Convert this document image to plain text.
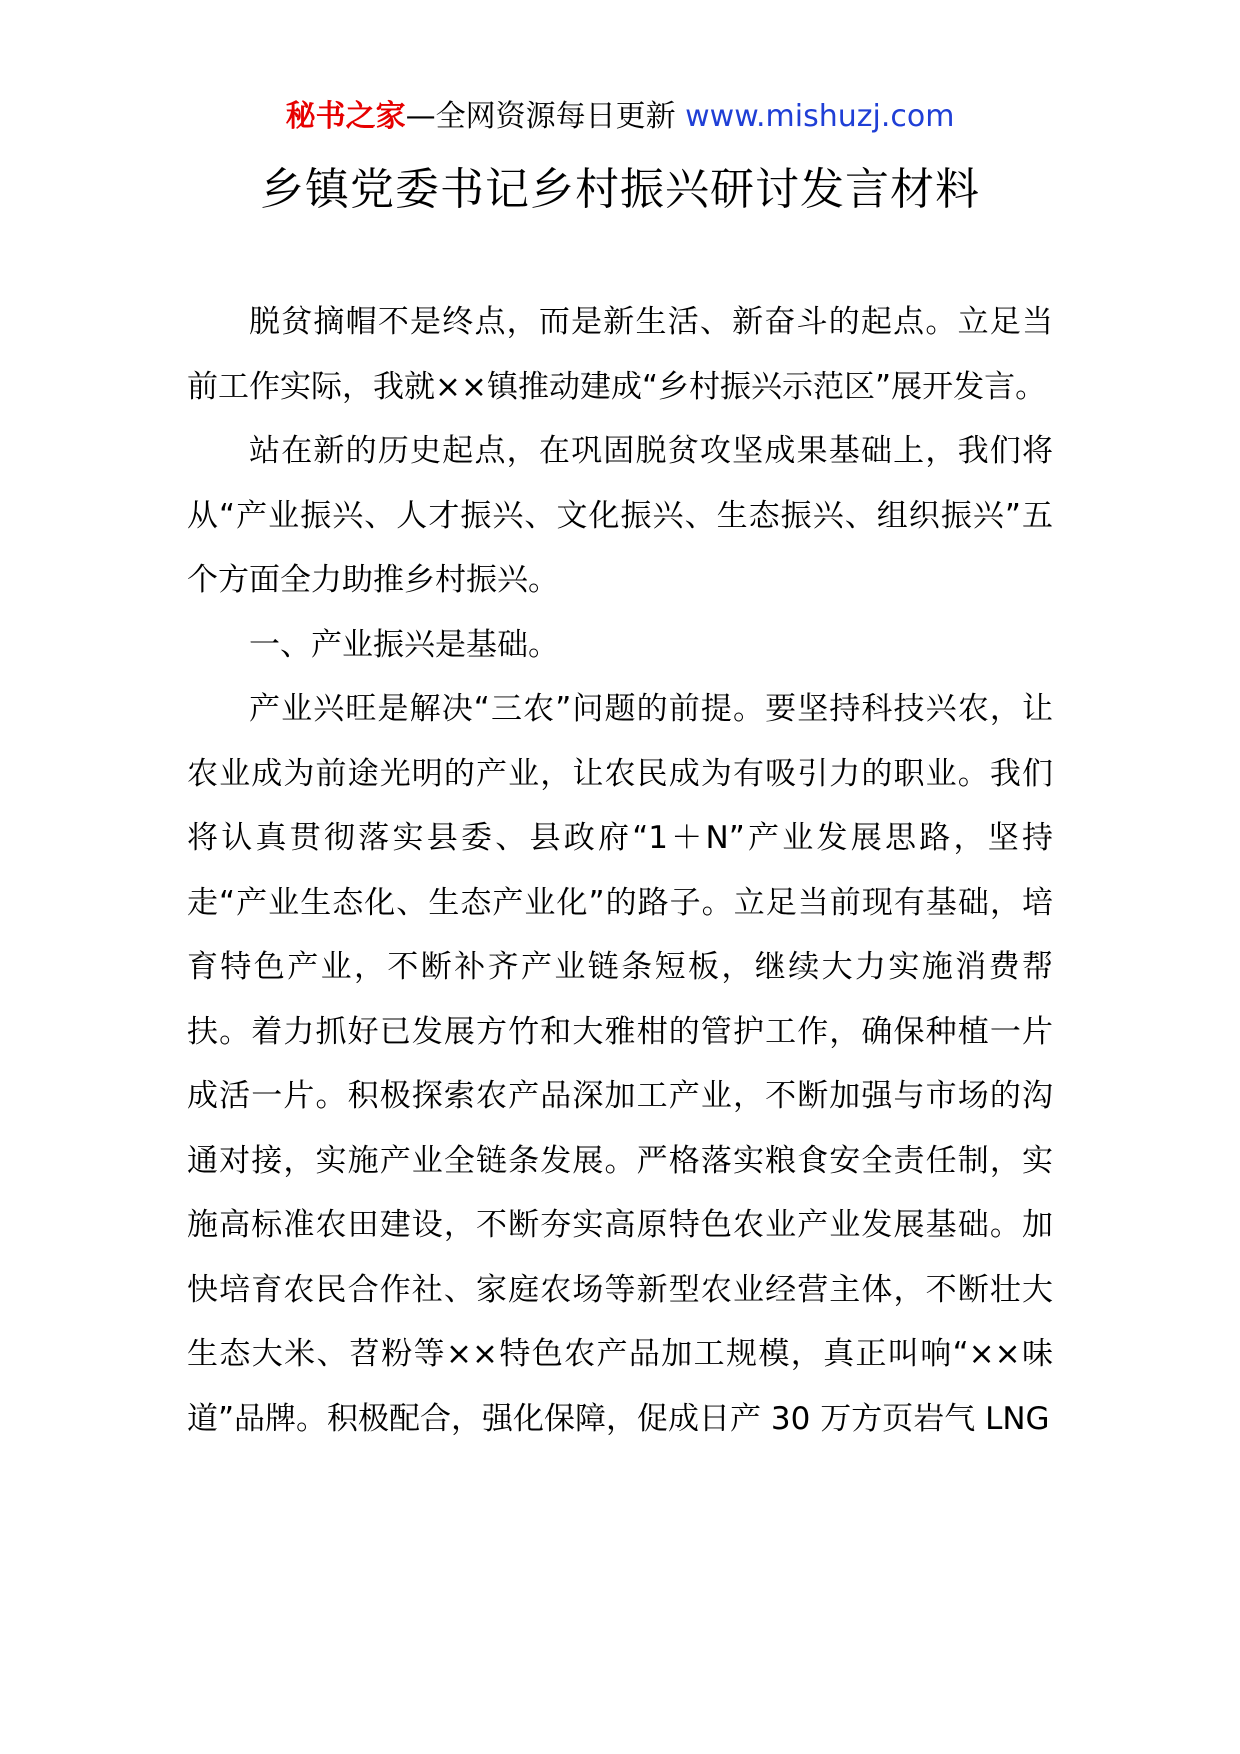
秘书之家—全网资源每日更新 www.mishuzj.com
乡镇党委书记乡村振兴研讨发言材料

脱贫摘帽不是终点，而是新生活、新奋斗的起点。立足当前工作实际，我就××镇推动建成“乡村振兴示范区”展开发言。

站在新的历史起点，在巩固脱贫攻坚成果基础上，我们将从“产业振兴、人才振兴、文化振兴、生态振兴、组织振兴”五个方面全力助推乡村振兴。

一、产业振兴是基础。

产业兴旺是解决“三农”问题的前提。要坚持科技兴农，让农业成为前途光明的产业，让农民成为有吸引力的职业。我们将认真贯彻落实县委、县政府“1＋N”产业发展思路，坚持走“产业生态化、生态产业化”的路子。立足当前现有基础，培育特色产业，不断补齐产业链条短板，继续大力实施消费帮扶。着力抓好已发展方竹和大雅柑的管护工作，确保种植一片成活一片。积极探索农产品深加工产业，不断加强与市场的沟通对接，实施产业全链条发展。严格落实粮食安全责任制，实施高标准农田建设，不断夯实高原特色农业产业发展基础。加快培育农民合作社、家庭农场等新型农业经营主体，不断壮大生态大米、苕粉等××特色农产品加工规模，真正叫响“××味道”品牌。积极配合，强化保障，促成日产 30 万方页岩气 LNG
